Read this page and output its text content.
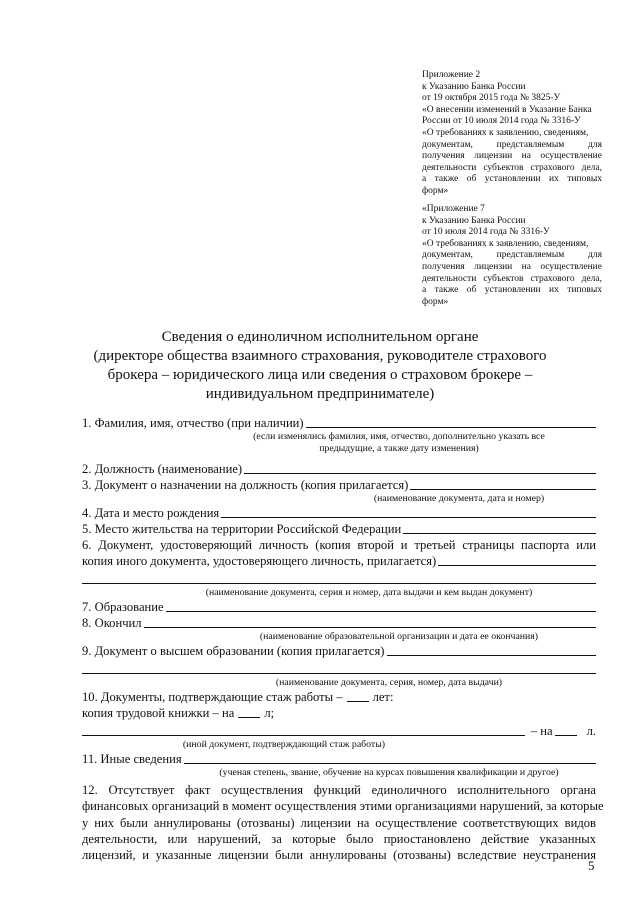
Приложение 2
к Указанию Банка России
от 19 октября 2015 года № 3825-У
«О внесении изменений в Указание Банка
России от 10 июля 2014 года № 3316-У
«О требованиях к заявлению, сведениям,
документам, представляемым для
получения лицензии на осуществление
деятельности субъектов страхового дела,
а также об установлении их типовых
форм»
«Приложение 7
к Указанию Банка России
от 10 июля 2014 года № 3316-У
«О требованиях к заявлению, сведениям,
документам, представляемым для
получения лицензии на осуществление
деятельности субъектов страхового дела,
а также об установлении их типовых
форм»
Сведения о единоличном исполнительном органе
(директоре общества взаимного страхования, руководителе страхового
брокера – юридического лица или сведения о страховом брокере –
индивидуальном предпринимателе)
1. Фамилия, имя, отчество (при наличии)
(если изменялись фамилия, имя, отчество, дополнительно указать все
предыдущие, а также дату изменения)
2. Должность (наименование)
3. Документ о назначении на должность (копия прилагается)
(наименование документа, дата и номер)
4. Дата и место рождения
5. Место жительства на территории Российской Федерации
6. Документ, удостоверяющий личность (копия второй и третьей страницы паспорта или
копия иного документа, удостоверяющего личность, прилагается)
(наименование документа, серия и номер, дата выдачи и кем выдан документ)
7. Образование
8. Окончил
(наименование образовательной организации и дата ее окончания)
9. Документ о высшем образовании (копия прилагается)
(наименование документа, серия, номер, дата выдачи)
10. Документы, подтверждающие стаж работы – лет:
копия трудовой книжки – на л;
– на	л.
(иной документ, подтверждающий стаж работы)
11. Иные сведения
(ученая степень, звание, обучение на курсах повышения квалификации и другое)
12. Отсутствует факт осуществления функций единоличного исполнительного органа
финансовых организаций в момент осуществления этими организациями нарушений, за которые
у них были аннулированы (отозваны) лицензии на осуществление соответствующих видов
деятельности, или нарушений, за которые было приостановлено действие указанных
лицензий, и указанные лицензии были аннулированы (отозваны) вследствие неустранения
5
